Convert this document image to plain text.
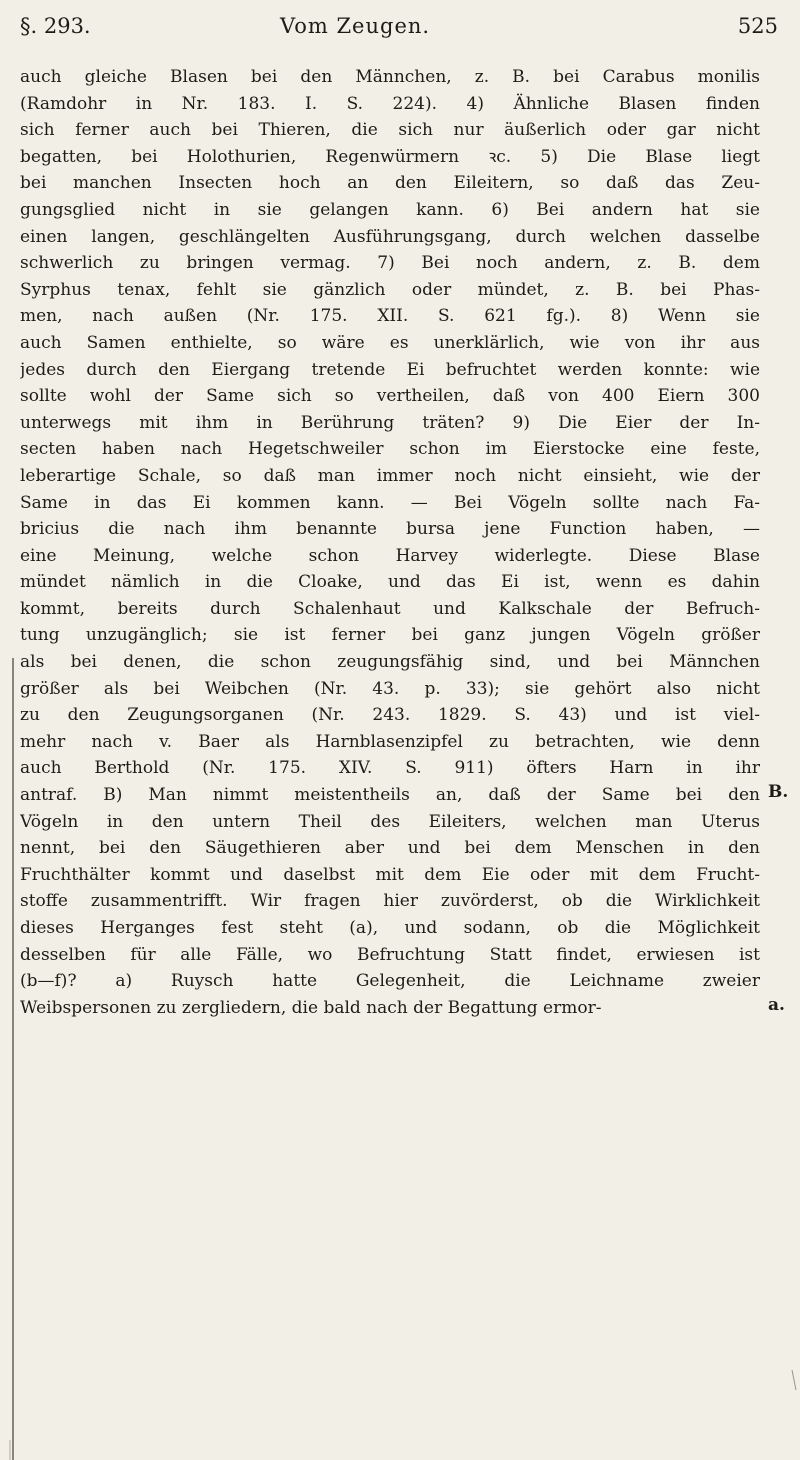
§. 293.	Vom Zeugen.	525
auch gleiche Blasen bei den Männchen, z. B. bei Carabus monilis
(Ramdohr in Nr. 183. I. S. 224). 4) Ähnliche Blasen finden
sich ferner auch bei Thieren, die sich nur äußerlich oder gar nicht
begatten, bei Holothurien, Regenwürmern ꝛc. 5) Die Blase liegt
bei manchen Insecten hoch an den Eileitern, so daß das Zeu-
gungsglied nicht in sie gelangen kann. 6) Bei andern hat sie
einen langen, geschlängelten Ausführungsgang, durch welchen dasselbe
schwerlich zu bringen vermag. 7) Bei noch andern, z. B. dem
Syrphus tenax, fehlt sie gänzlich oder mündet, z. B. bei Phas-
men, nach außen (Nr. 175. XII. S. 621 fg.). 8) Wenn sie
auch Samen enthielte, so wäre es unerklärlich, wie von ihr aus
jedes durch den Eiergang tretende Ei befruchtet werden konnte: wie
sollte wohl der Same sich so vertheilen, daß von 400 Eiern 300
unterwegs mit ihm in Berührung träten? 9) Die Eier der In-
secten haben nach Hegetschweiler schon im Eierstocke eine feste,
leberartige Schale, so daß man immer noch nicht einsieht, wie der
Same in das Ei kommen kann. — Bei Vögeln sollte nach Fa-
bricius die nach ihm benannte bursa jene Function haben, —
eine Meinung, welche schon Harvey widerlegte. Diese Blase
mündet nämlich in die Cloake, und das Ei ist, wenn es dahin
kommt, bereits durch Schalenhaut und Kalkschale der Befruch-
tung unzugänglich; sie ist ferner bei ganz jungen Vögeln größer
als bei denen, die schon zeugungsfähig sind, und bei Männchen
größer als bei Weibchen (Nr. 43. p. 33); sie gehört also nicht
zu den Zeugungsorganen (Nr. 243. 1829. S. 43) und ist viel-
mehr nach v. Baer als Harnblasenzipfel zu betrachten, wie denn
auch Berthold (Nr. 175. XIV. S. 911) öfters Harn in ihr
antraf. B) Man nimmt meistentheils an, daß der Same bei den
Vögeln in den untern Theil des Eileiters, welchen man Uterus
nennt, bei den Säugethieren aber und bei dem Menschen in den
Fruchthälter kommt und daselbst mit dem Eie oder mit dem Frucht-
stoffe zusammentrifft. Wir fragen hier zuvörderst, ob die Wirklichkeit
dieses Herganges fest steht (a), und sodann, ob die Möglichkeit
desselben für alle Fälle, wo Befruchtung Statt findet, erwiesen ist
(b—f)? a) Ruysch hatte Gelegenheit, die Leichname zweier
Weibspersonen zu zergliedern, die bald nach der Begattung ermor-
B.
a.
